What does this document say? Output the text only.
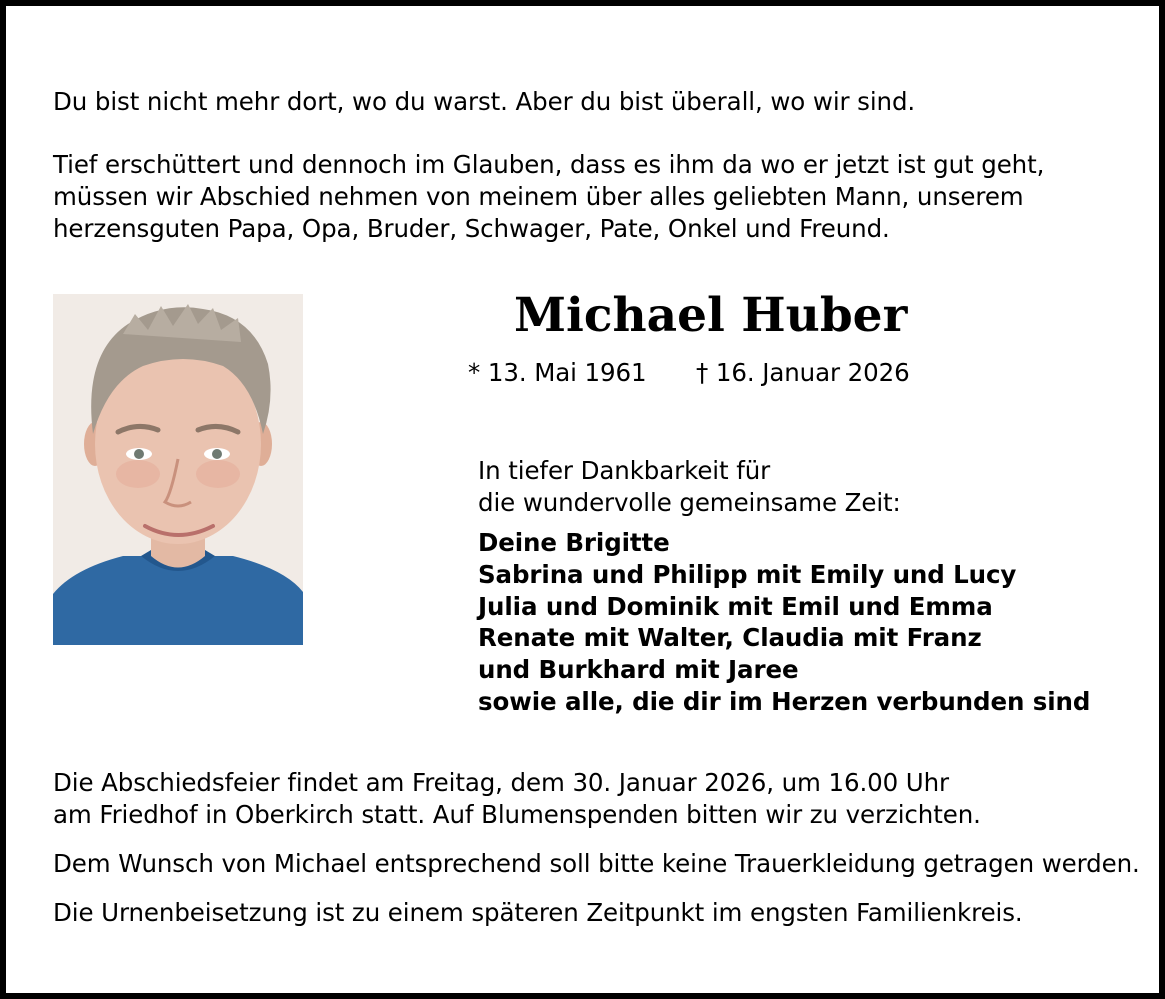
Du bist nicht mehr dort, wo du warst. Aber du bist überall, wo wir sind.
Tief erschüttert und dennoch im Glauben, dass es ihm da wo er jetzt ist gut geht,
müssen wir Abschied nehmen von meinem über alles geliebten Mann, unserem
herzensguten Papa, Opa, Bruder, Schwager, Pate, Onkel und Freund.
Michael Huber
* 13. Mai 1961 † 16. Januar 2026
In tiefer Dankbarkeit für
die wundervolle gemeinsame Zeit:
Deine Brigitte
Sabrina und Philipp mit Emily und Lucy
Julia und Dominik mit Emil und Emma
Renate mit Walter, Claudia mit Franz
und Burkhard mit Jaree
sowie alle, die dir im Herzen verbunden sind
Die Abschiedsfeier findet am Freitag, dem 30. Januar 2026, um 16.00 Uhr
am Friedhof in Oberkirch statt. Auf Blumenspenden bitten wir zu verzichten.
Dem Wunsch von Michael entsprechend soll bitte keine Trauerkleidung getragen werden.
Die Urnenbeisetzung ist zu einem späteren Zeitpunkt im engsten Familienkreis.
